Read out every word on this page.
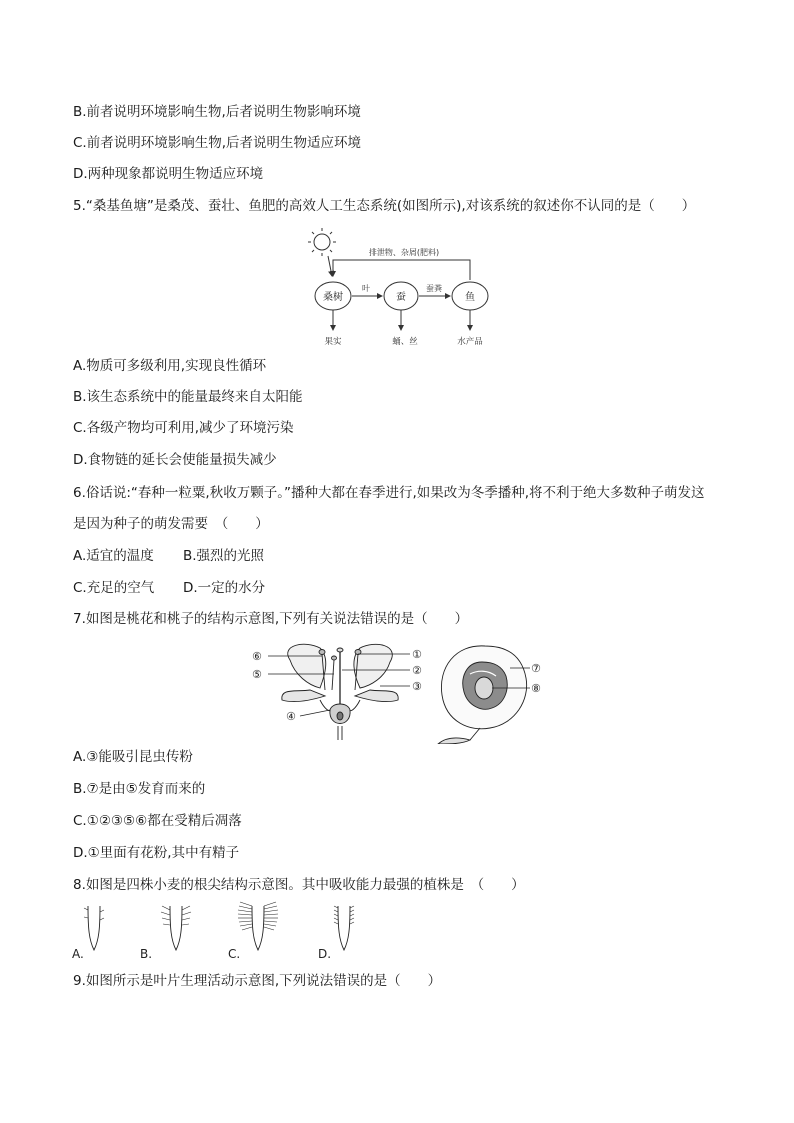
B.前者说明环境影响生物,后者说明生物影响环境
C.前者说明环境影响生物,后者说明生物适应环境
D.两种现象都说明生物适应环境
5.“桑基鱼塘”是桑茂、蚕壮、鱼肥的高效人工生态系统(如图所示),对该系统的叙述你不认同的是（　　）
排泄物、杂屑(肥料)
桑树	蚕	鱼
叶	蚕粪
果实	蛹、丝	水产品
A.物质可多级利用,实现良性循环
B.该生态系统中的能量最终来自太阳能
C.各级产物均可利用,减少了环境污染
D.食物链的延长会使能量损失减少
6.俗话说:“春种一粒粟,秋收万颗子。”播种大都在春季进行,如果改为冬季播种,将不利于绝大多数种子萌发这
是因为种子的萌发需要　（　　）
A.适宜的温度 B.强烈的光照
C.充足的空气 D.一定的水分
7.如图是桃花和桃子的结构示意图,下列有关说法错误的是（　　）
⑥
⑤
①
②
③
④
⑦
⑧
A.③能吸引昆虫传粉
B.⑦是由⑤发育而来的
C.①②③⑤⑥都在受精后凋落
D.①里面有花粉,其中有精子
8.如图是四株小麦的根尖结构示意图。其中吸收能力最强的植株是　（　　）
A.	B.	C.	D.
9.如图所示是叶片生理活动示意图,下列说法错误的是（　　）
